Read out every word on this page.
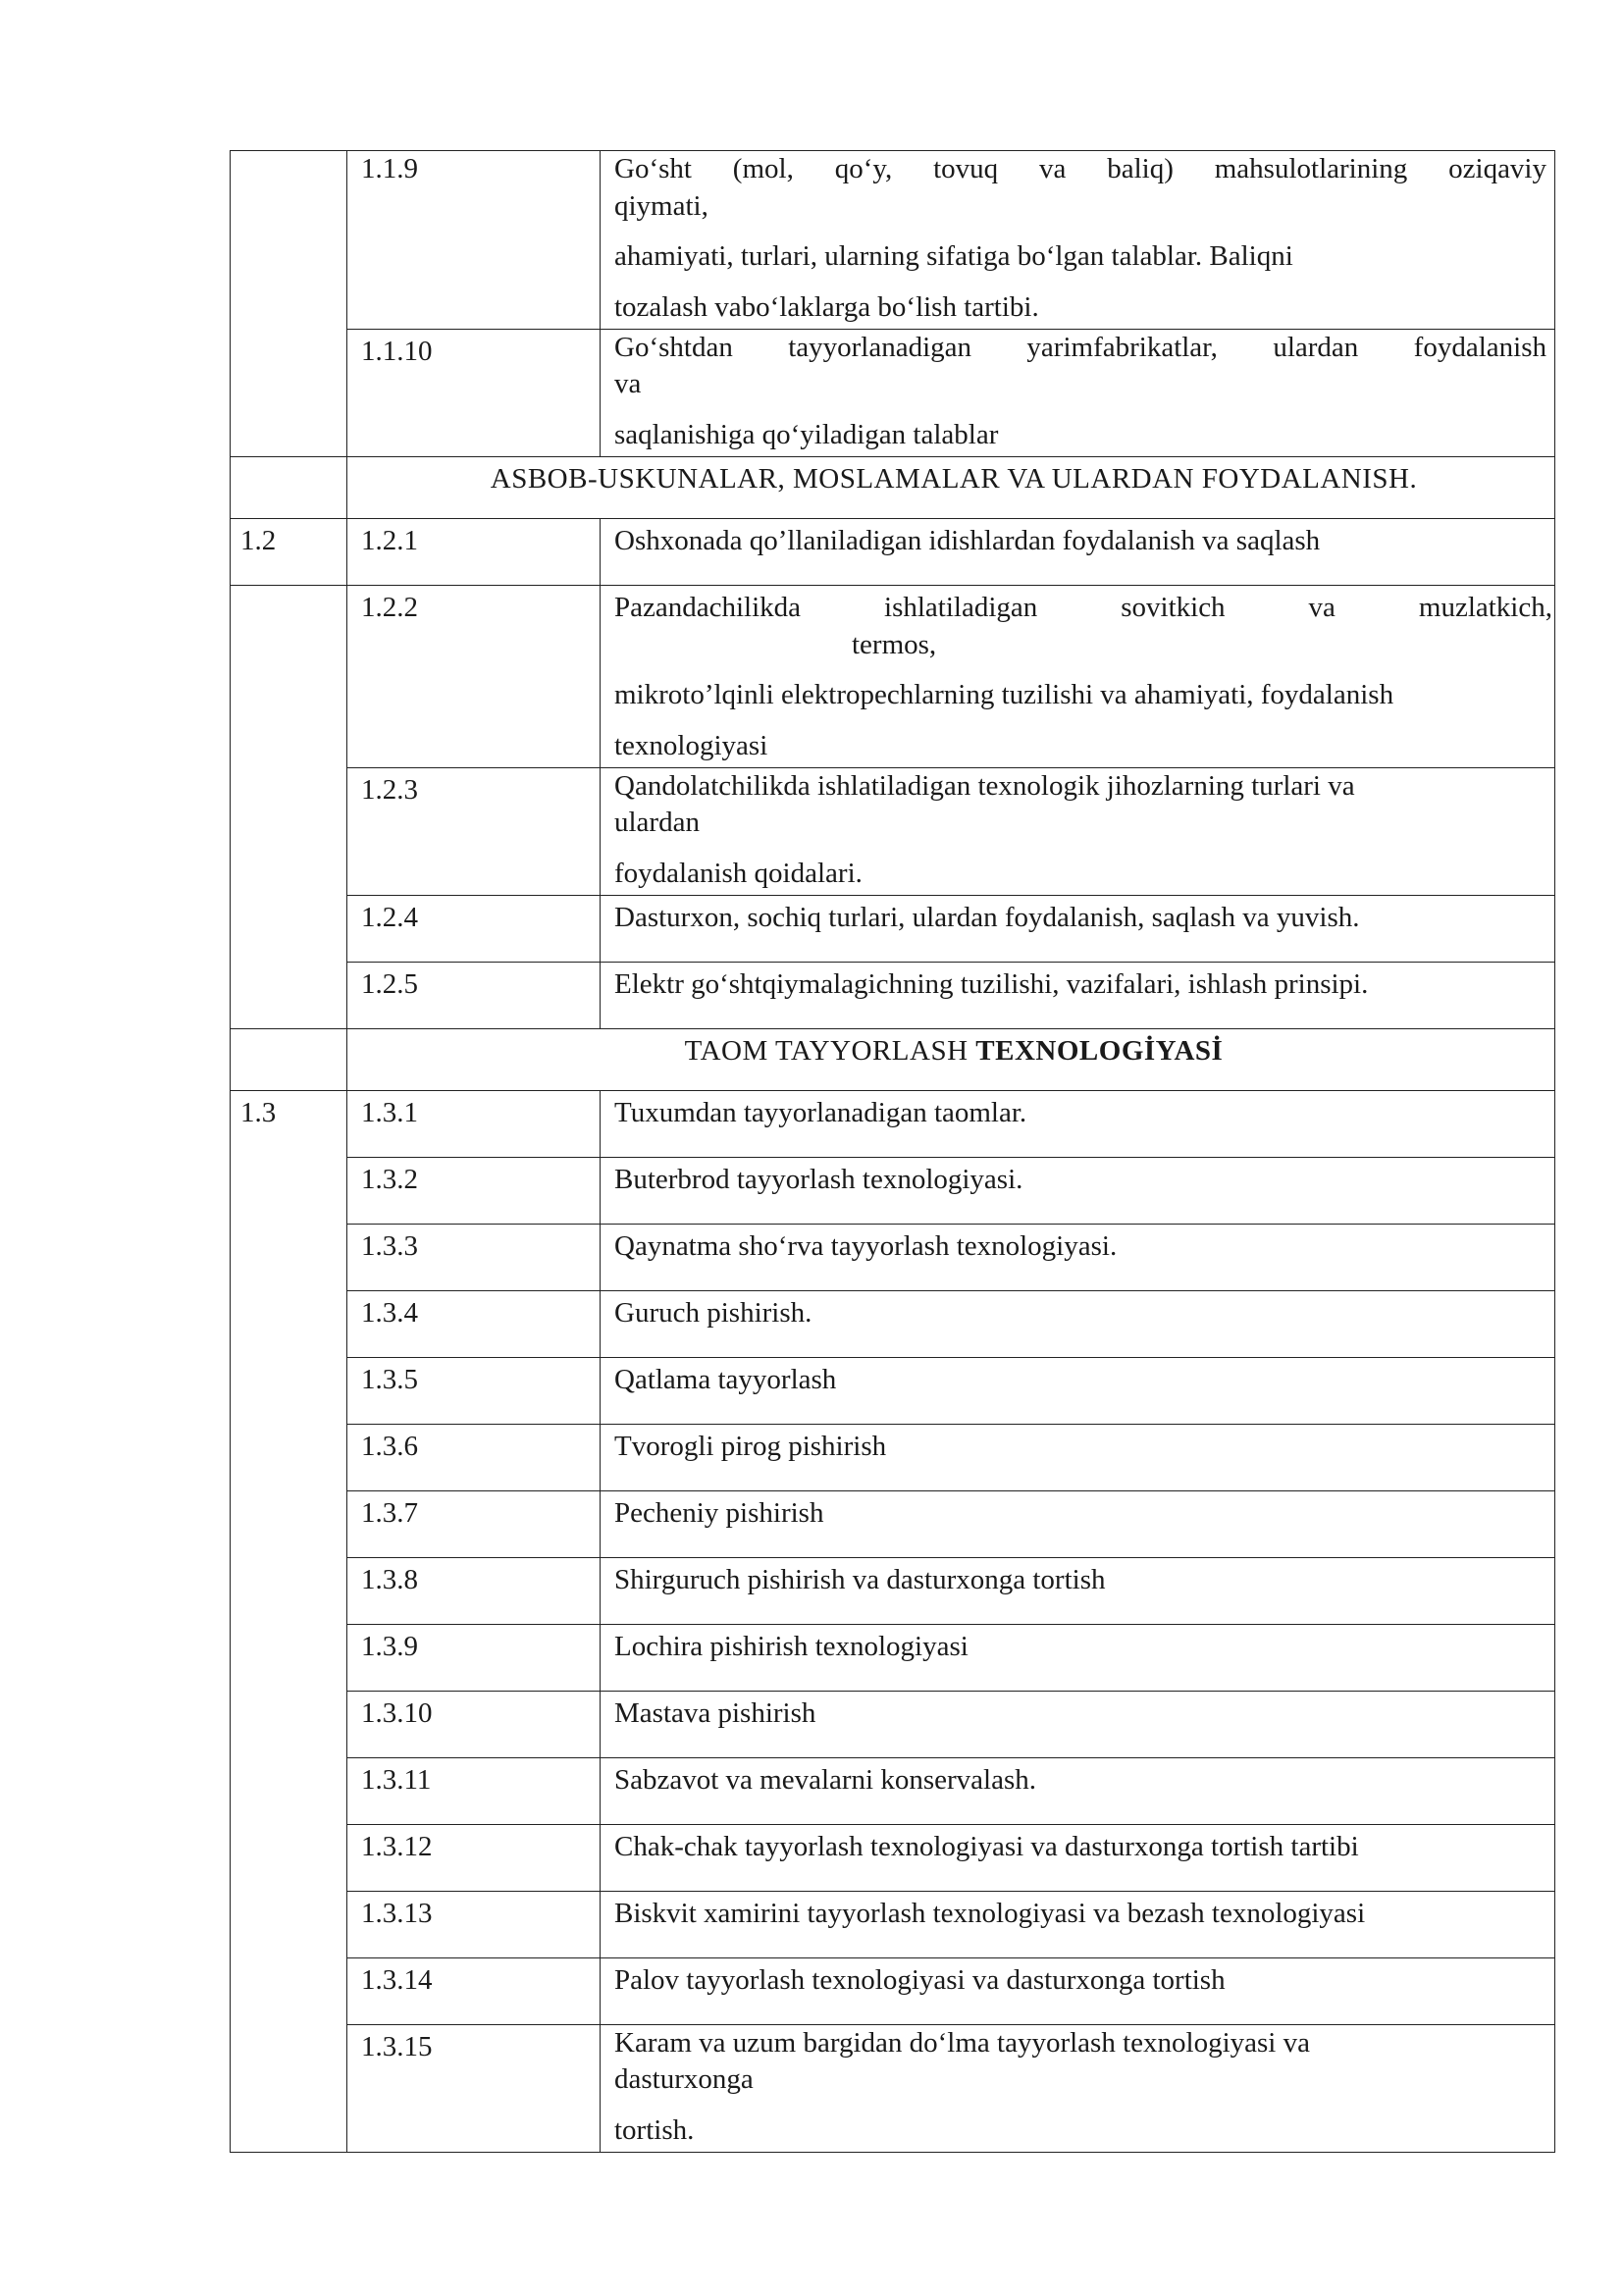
	1.1.9	Go‘sht (mol, qo‘y, tovuq va baliq) mahsulotlarining oziqaviy
qiymati,
ahamiyati, turlari, ularning sifatiga bo‘lgan talablar. Baliqni
tozalash vabo‘laklarga bo‘lish tartibi.

	1.1.10	Go‘shtdan tayyorlanadigan yarimfabrikatlar, ulardan foydalanish
va
saqlanishiga qo‘yiladigan talablar

	ASBOB-USKUNALAR, MOSLAMALAR VA ULARDAN FOYDALANISH.	
1.2	1.2.1	Oshxonada qo’llaniladigan idishlardan foydalanish va saqlash
	1.2.2	Pazandachilikda ishlatiladigan sovitkich va muzlatkich,
termos,
mikroto’lqinli elektropechlarning tuzilishi va ahamiyati, foydalanish
texnologiyasi

	1.2.3	Qandolatchilikda ishlatiladigan texnologik jihozlarning turlari va
ulardan
foydalanish qoidalari.

	1.2.4	Dasturxon, sochiq turlari, ulardan foydalanish, saqlash va yuvish.
	1.2.5	Elektr go‘shtqiymalagichning tuzilishi, vazifalari, ishlash prinsipi.
	TAOM TAYYORLASH TEXNOLOGİYASİ	
1.3	1.3.1	Tuxumdan tayyorlanadigan taomlar.
	1.3.2	Buterbrod tayyorlash texnologiyasi.
	1.3.3	Qaynatma sho‘rva tayyorlash texnologiyasi.
	1.3.4	Guruch pishirish.
	1.3.5	Qatlama tayyorlash
	1.3.6	Tvorogli pirog pishirish
	1.3.7	Pecheniy pishirish
	1.3.8	Shirguruch pishirish va dasturxonga tortish
	1.3.9	Lochira pishirish texnologiyasi
	1.3.10	Mastava pishirish
	1.3.11	Sabzavot va mevalarni konservalash.
	1.3.12	Chak-chak tayyorlash texnologiyasi va dasturxonga tortish tartibi
	1.3.13	Biskvit xamirini tayyorlash texnologiyasi va bezash texnologiyasi
	1.3.14	Palov tayyorlash texnologiyasi va dasturxonga tortish
	1.3.15	Karam va uzum bargidan do‘lma tayyorlash texnologiyasi va
dasturxonga
tortish.
